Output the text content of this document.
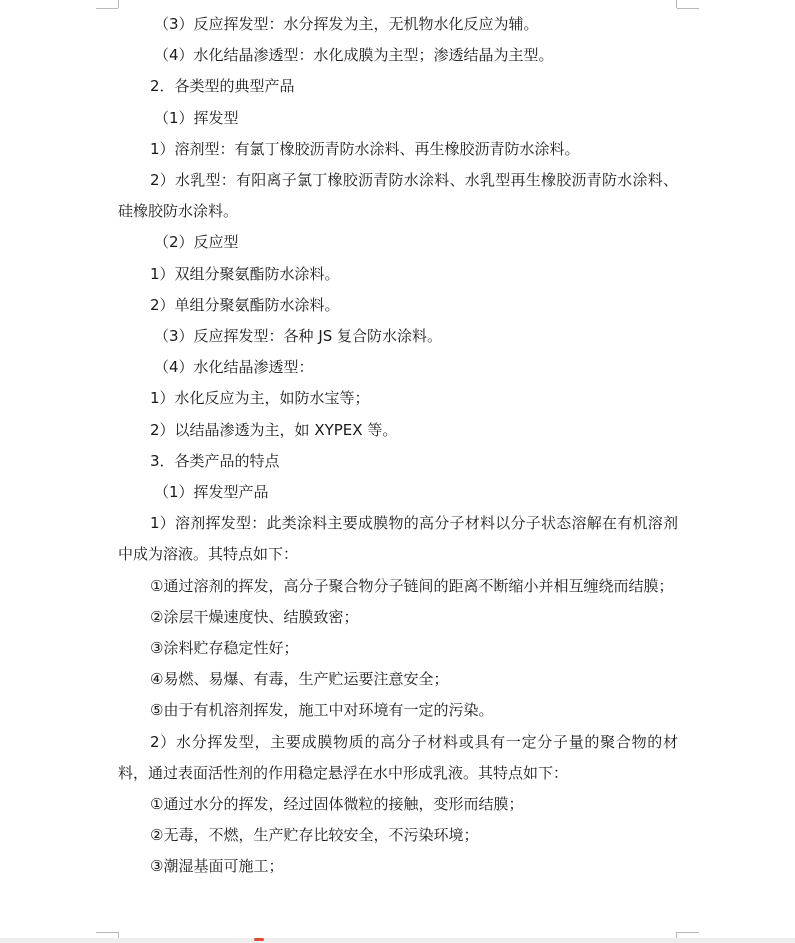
（3）反应挥发型：水分挥发为主，无机物水化反应为辅。

（4）水化结晶渗透型：水化成膜为主型；渗透结晶为主型。

2．各类型的典型产品

（1）挥发型

1）溶剂型：有氯丁橡胶沥青防水涂料、再生橡胶沥青防水涂料。

2）水乳型：有阳离子氯丁橡胶沥青防水涂料、水乳型再生橡胶沥青防水涂料、硅橡胶防水涂料。

（2）反应型

1）双组分聚氨酯防水涂料。

2）单组分聚氨酯防水涂料。

（3）反应挥发型：各种 JS 复合防水涂料。

（4）水化结晶渗透型：

1）水化反应为主，如防水宝等；

2）以结晶渗透为主，如 XYPEX 等。

3．各类产品的特点

（1）挥发型产品

1）溶剂挥发型：此类涂料主要成膜物的高分子材料以分子状态溶解在有机溶剂中成为溶液。其特点如下：

①通过溶剂的挥发，高分子聚合物分子链间的距离不断缩小并相互缠绕而结膜；

②涂层干燥速度快、结膜致密；

③涂料贮存稳定性好；

④易燃、易爆、有毒，生产贮运要注意安全；

⑤由于有机溶剂挥发，施工中对环境有一定的污染。

2）水分挥发型，主要成膜物质的高分子材料或具有一定分子量的聚合物的材料，通过表面活性剂的作用稳定悬浮在水中形成乳液。其特点如下：

①通过水分的挥发，经过固体微粒的接触，变形而结膜；

②无毒，不燃，生产贮存比较安全，不污染环境；

③潮湿基面可施工；
